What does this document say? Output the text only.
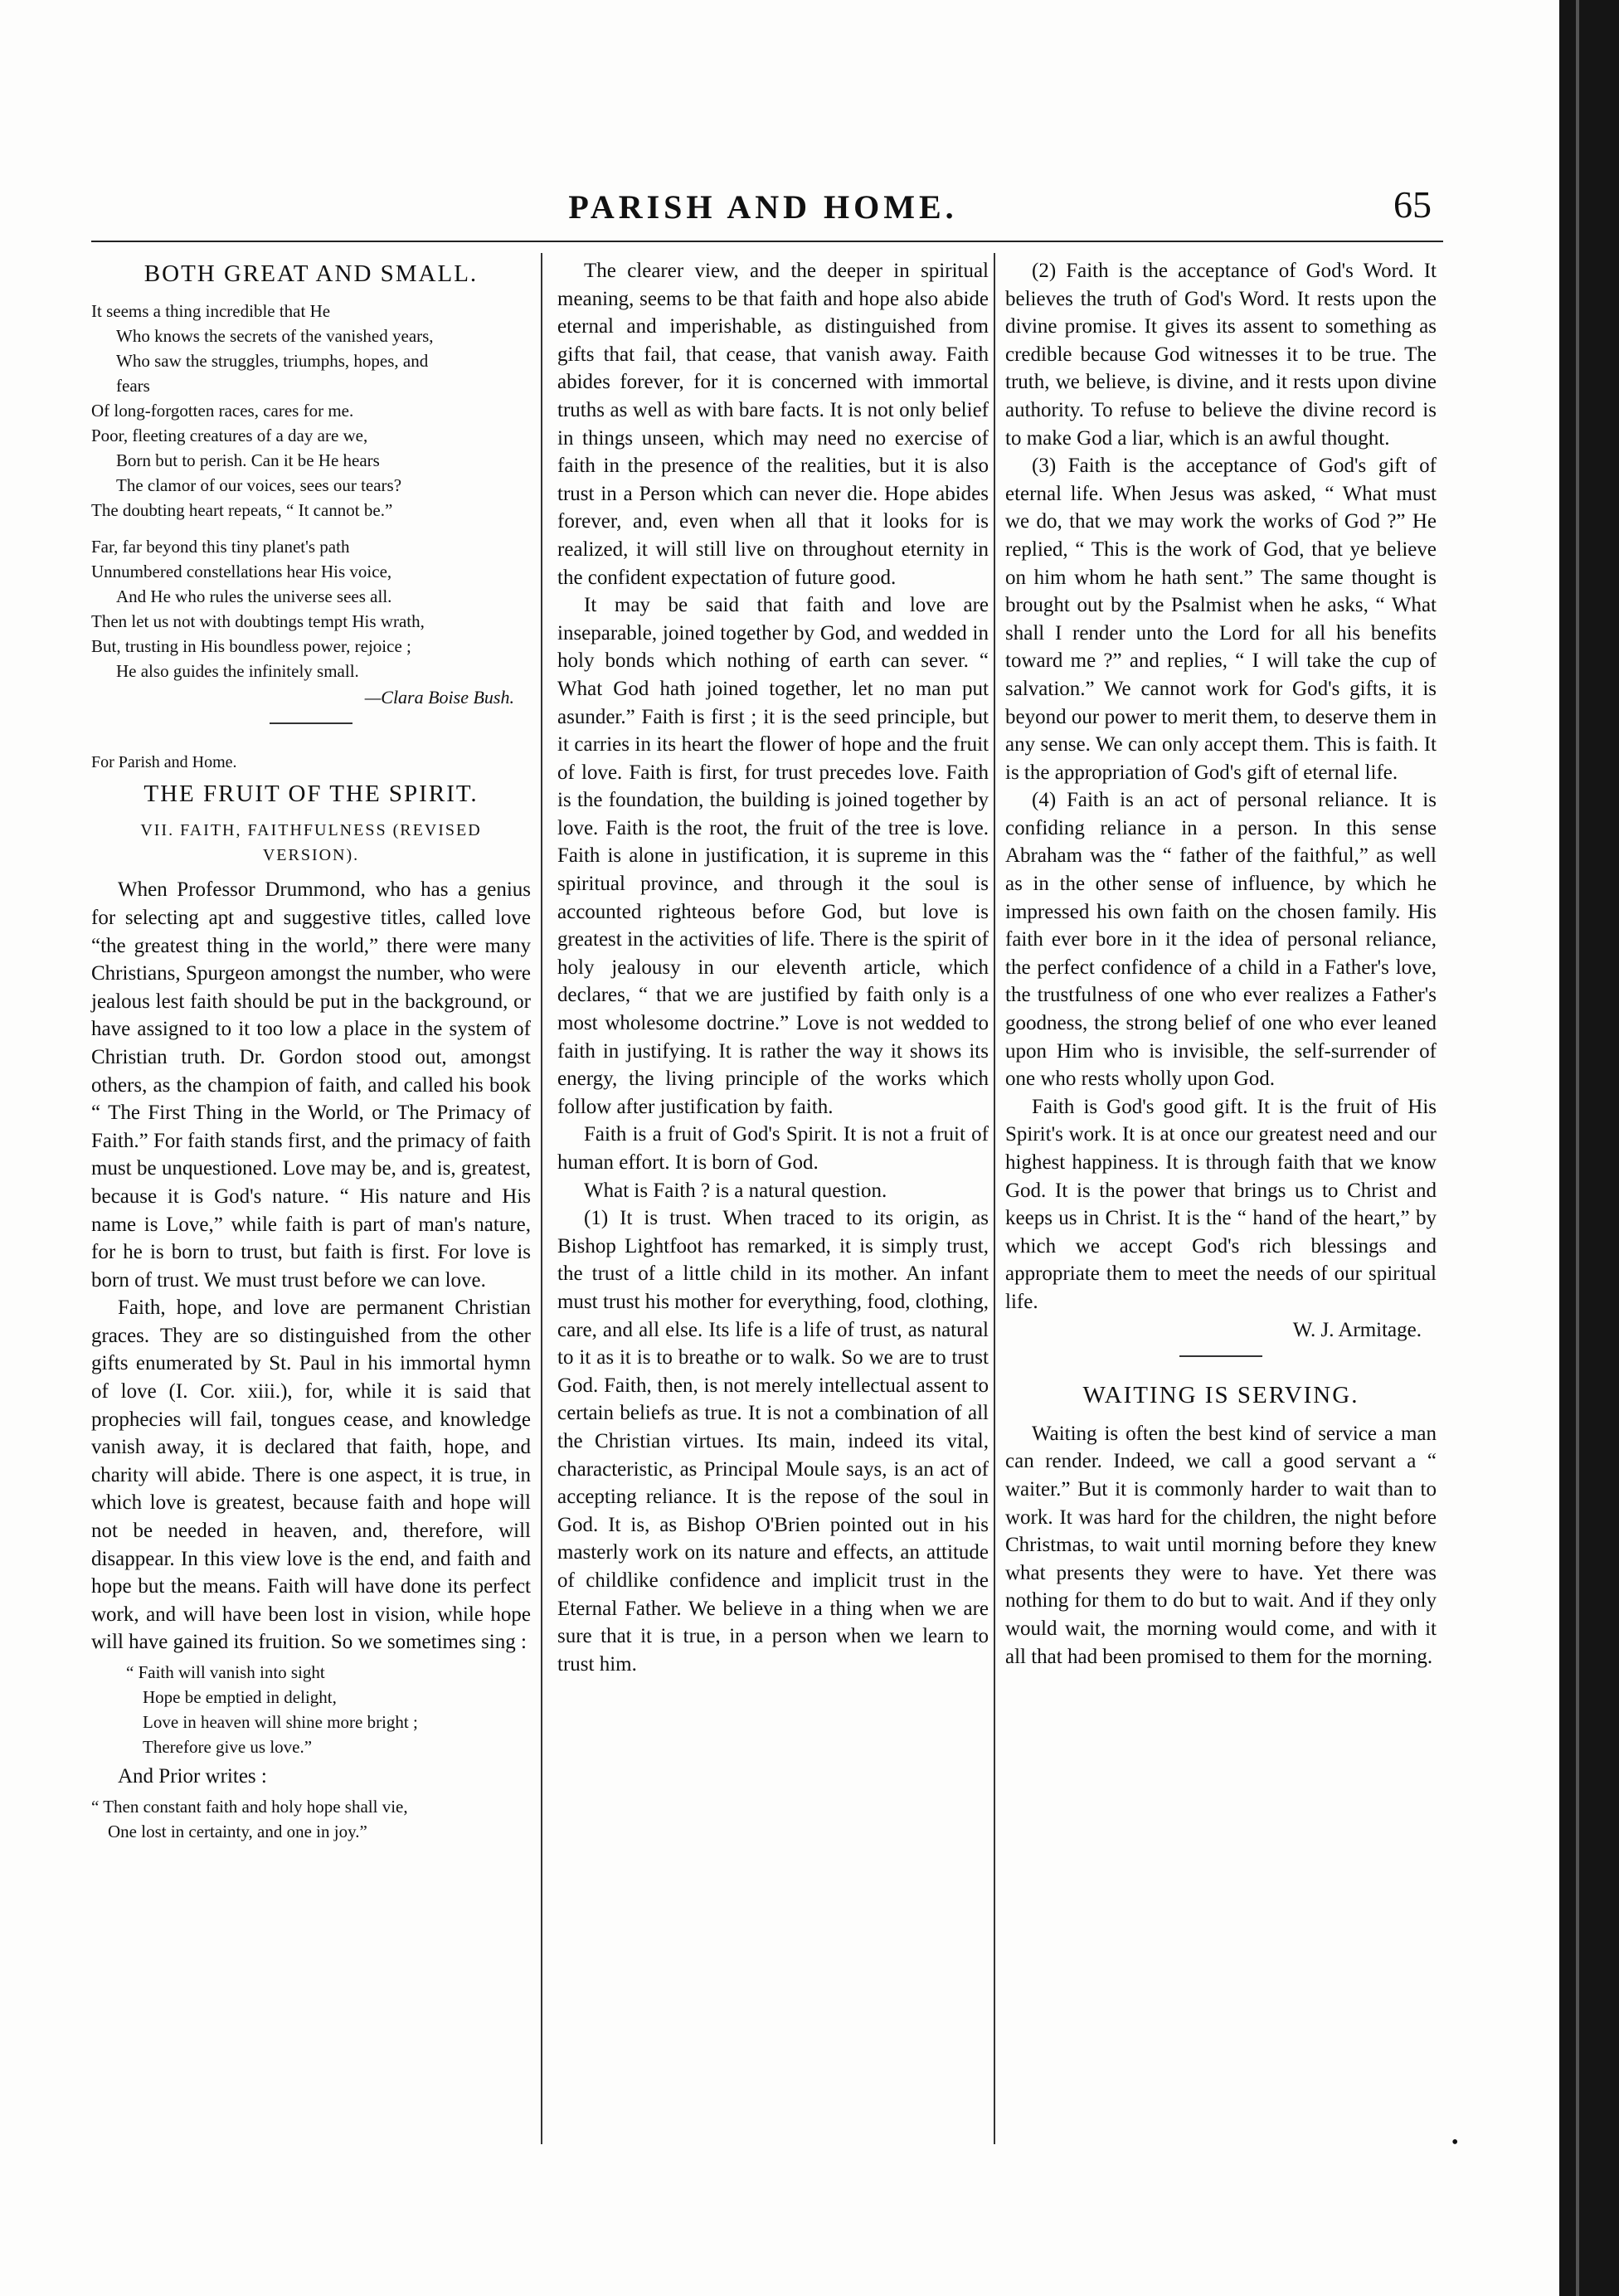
PARISH AND HOME.	65
BOTH GREAT AND SMALL.
It seems a thing incredible that He
Who knows the secrets of the vanished years,
Who saw the struggles, triumphs, hopes, and
fears
Of long-forgotten races, cares for me.
Poor, fleeting creatures of a day are we,
Born but to perish. Can it be He hears
The clamor of our voices, sees our tears?
The doubting heart repeats, “ It cannot be.”
Far, far beyond this tiny planet's path
Unnumbered constellations hear His voice,
And He who rules the universe sees all.
Then let us not with doubtings tempt His wrath,
But, trusting in His boundless power, rejoice ;
He also guides the infinitely small.
—Clara Boise Bush.
For Parish and Home.
THE FRUIT OF THE SPIRIT.
VII. FAITH, FAITHFULNESS (REVISED VERSION).

When Professor Drummond, who has a genius for selecting apt and suggestive titles, called love “the greatest thing in the world,” there were many Christians, Spurgeon amongst the number, who were jealous lest faith should be put in the background, or have assigned to it too low a place in the system of Christian truth. Dr. Gordon stood out, amongst others, as the champion of faith, and called his book “ The First Thing in the World, or The Primacy of Faith.” For faith stands first, and the primacy of faith must be unquestioned. Love may be, and is, greatest, because it is God's nature. “ His nature and His name is Love,” while faith is part of man's nature, for he is born to trust, but faith is first. For love is born of trust. We must trust before we can love.

Faith, hope, and love are permanent Christian graces. They are so distinguished from the other gifts enumerated by St. Paul in his immortal hymn of love (I. Cor. xiii.), for, while it is said that prophecies will fail, tongues cease, and knowledge vanish away, it is declared that faith, hope, and charity will abide. There is one aspect, it is true, in which love is greatest, because faith and hope will not be needed in heaven, and, therefore, will disappear. In this view love is the end, and faith and hope but the means. Faith will have done its perfect work, and will have been lost in vision, while hope will have gained its fruition. So we sometimes sing :

“ Faith will vanish into sight
Hope be emptied in delight,
Love in heaven will shine more bright ;
Therefore give us love.”

And Prior writes :

“ Then constant faith and holy hope shall vie,
One lost in certainty, and one in joy.”

The clearer view, and the deeper in spiritual meaning, seems to be that faith and hope also abide eternal and imperishable, as distinguished from gifts that fail, that cease, that vanish away. Faith abides forever, for it is concerned with immortal truths as well as with bare facts. It is not only belief in things unseen, which may need no exercise of faith in the presence of the realities, but it is also trust in a Person which can never die. Hope abides forever, and, even when all that it looks for is realized, it will still live on throughout eternity in the confident expectation of future good.

It may be said that faith and love are inseparable, joined together by God, and wedded in holy bonds which nothing of earth can sever. “ What God hath joined together, let no man put asunder.” Faith is first ; it is the seed principle, but it carries in its heart the flower of hope and the fruit of love. Faith is first, for trust precedes love. Faith is the foundation, the building is joined together by love. Faith is the root, the fruit of the tree is love. Faith is alone in justification, it is supreme in this spiritual province, and through it the soul is accounted righteous before God, but love is greatest in the activities of life. There is the spirit of holy jealousy in our eleventh article, which declares, “ that we are justified by faith only is a most wholesome doctrine.” Love is not wedded to faith in justifying. It is rather the way it shows its energy, the living principle of the works which follow after justification by faith.

Faith is a fruit of God's Spirit. It is not a fruit of human effort. It is born of God.

What is Faith ? is a natural question.

(1) It is trust. When traced to its origin, as Bishop Lightfoot has remarked, it is simply trust, the trust of a little child in its mother. An infant must trust his mother for everything, food, clothing, care, and all else. Its life is a life of trust, as natural to it as it is to breathe or to walk. So we are to trust God. Faith, then, is not merely intellectual assent to certain beliefs as true. It is not a combination of all the Christian virtues. Its main, indeed its vital, characteristic, as Principal Moule says, is an act of accepting reliance. It is the repose of the soul in God. It is, as Bishop O'Brien pointed out in his masterly work on its nature and effects, an attitude of childlike confidence and implicit trust in the Eternal Father. We believe in a thing when we are sure that it is true, in a person when we learn to trust him.

(2) Faith is the acceptance of God's Word. It believes the truth of God's Word. It rests upon the divine promise. It gives its assent to something as credible because God witnesses it to be true. The truth, we believe, is divine, and it rests upon divine authority. To refuse to believe the divine record is to make God a liar, which is an awful thought.

(3) Faith is the acceptance of God's gift of eternal life. When Jesus was asked, “ What must we do, that we may work the works of God ?” He replied, “ This is the work of God, that ye believe on him whom he hath sent.” The same thought is brought out by the Psalmist when he asks, “ What shall I render unto the Lord for all his benefits toward me ?” and replies, “ I will take the cup of salvation.” We cannot work for God's gifts, it is beyond our power to merit them, to deserve them in any sense. We can only accept them. This is faith. It is the appropriation of God's gift of eternal life.

(4) Faith is an act of personal reliance. It is confiding reliance in a person. In this sense Abraham was the “ father of the faithful,” as well as in the other sense of influence, by which he impressed his own faith on the chosen family. His faith ever bore in it the idea of personal reliance, the perfect confidence of a child in a Father's love, the trustfulness of one who ever realizes a Father's goodness, the strong belief of one who ever leaned upon Him who is invisible, the self-surrender of one who rests wholly upon God.

Faith is God's good gift. It is the fruit of His Spirit's work. It is at once our greatest need and our highest happiness. It is through faith that we know God. It is the power that brings us to Christ and keeps us in Christ. It is the “ hand of the heart,” by which we accept God's rich blessings and appropriate them to meet the needs of our spiritual life.

W. J. Armitage.
WAITING IS SERVING.

Waiting is often the best kind of service a man can render. Indeed, we call a good servant a “ waiter.” But it is commonly harder to wait than to work. It was hard for the children, the night before Christmas, to wait until morning before they knew what presents they were to have. Yet there was nothing for them to do but to wait. And if they only would wait, the morning would come, and with it all that had been promised to them for the morning.

•
